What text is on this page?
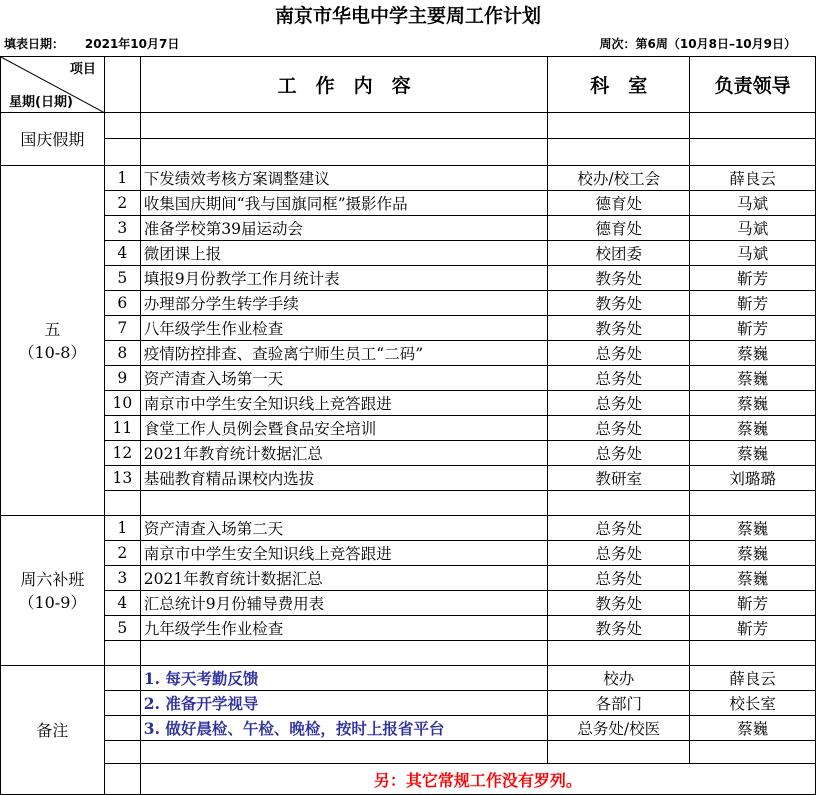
南京市华电中学主要周工作计划
填表日期： 2021年10月7日	周次：第6周（10月8日–10月9日）
项目
星期(日期)		工　作　内　容	科　室	负责领导

国庆假期				

五
（10-8）	1	下发绩效考核方案调整建议	校办/校工会	薛良云
	2	收集国庆期间“我与国旗同框”摄影作品	德育处	马斌
	3	准备学校第39届运动会	德育处	马斌
	4	微团课上报	校团委	马斌
	5	填报9月份教学工作月统计表	教务处	靳芳
	6	办理部分学生转学手续	教务处	靳芳
	7	八年级学生作业检查	教务处	靳芳
	8	疫情防控排查、查验离宁师生员工“二码”	总务处	蔡巍
	9	资产清查入场第一天	总务处	蔡巍
	10	南京市中学生安全知识线上竞答跟进	总务处	蔡巍
	11	食堂工作人员例会暨食品安全培训	总务处	蔡巍
	12	2021年教育统计数据汇总	总务处	蔡巍
	13	基础教育精品课校内选拔	教研室	刘璐璐

周六补班
（10-9）	1	资产清查入场第二天	总务处	蔡巍
	2	南京市中学生安全知识线上竞答跟进	总务处	蔡巍
	3	2021年教育统计数据汇总	总务处	蔡巍
	4	汇总统计9月份辅导费用表	教务处	靳芳
	5	九年级学生作业检查	教务处	靳芳

备注		1. 每天考勤反馈	校办	薛良云
		2. 准备开学视导	各部门	校长室
		3. 做好晨检、午检、晚检，按时上报省平台	总务处/校医	蔡巍

		另：其它常规工作没有罗列。		
